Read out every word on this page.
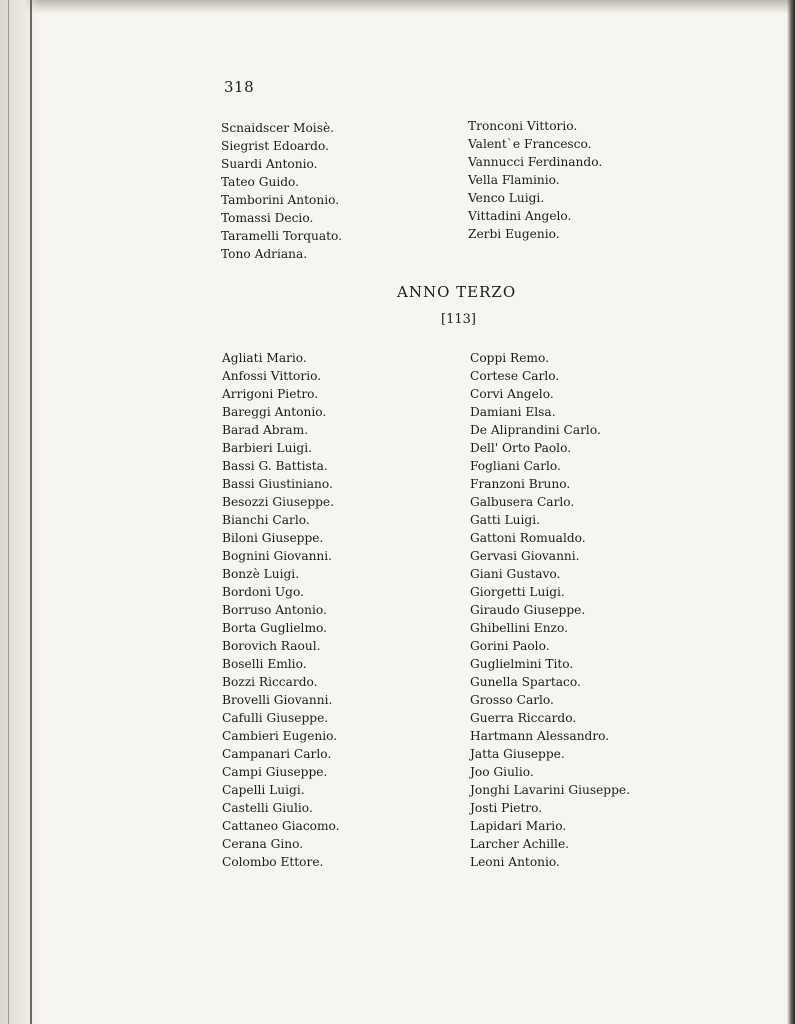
318
Scnaidscer Moisè.
Siegrist Edoardo.
Suardi Antonio.
Tateo Guido.
Tamborini Antonio.
Tomassi Decio.
Taramelli Torquato.
Tono Adriana.
Tronconi Vittorio.
Valent`e Francesco.
Vannucci Ferdinando.
Vella Flaminio.
Venco Luigi.
Vittadini Angelo.
Zerbi Eugenio.
ANNO TERZO
[113]
Agliati Mario.
Anfossi Vittorio.
Arrigoni Pietro.
Bareggi Antonio.
Barad Abram.
Barbieri Luigi.
Bassi G. Battista.
Bassi Giustiniano.
Besozzi Giuseppe.
Bianchi Carlo.
Biloni Giuseppe.
Bognini Giovanni.
Bonzè Luigi.
Bordoni Ugo.
Borruso Antonio.
Borta Guglielmo.
Borovich Raoul.
Boselli Emlio.
Bozzi Riccardo.
Brovelli Giovanni.
Cafulli Giuseppe.
Cambieri Eugenio.
Campanari Carlo.
Campi Giuseppe.
Capelli Luigi.
Castelli Giulio.
Cattaneo Giacomo.
Cerana Gino.
Colombo Ettore.
Coppi Remo.
Cortese Carlo.
Corvi Angelo.
Damiani Elsa.
De Aliprandini Carlo.
Dell' Orto Paolo.
Fogliani Carlo.
Franzoni Bruno.
Galbusera Carlo.
Gatti Luigi.
Gattoni Romualdo.
Gervasi Giovanni.
Giani Gustavo.
Giorgetti Luigi.
Giraudo Giuseppe.
Ghibellini Enzo.
Gorini Paolo.
Guglielmini Tito.
Gunella Spartaco.
Grosso Carlo.
Guerra Riccardo.
Hartmann Alessandro.
Jatta Giuseppe.
Joo Giulio.
Jonghi Lavarini Giuseppe.
Josti Pietro.
Lapidari Mario.
Larcher Achille.
Leoni Antonio.
